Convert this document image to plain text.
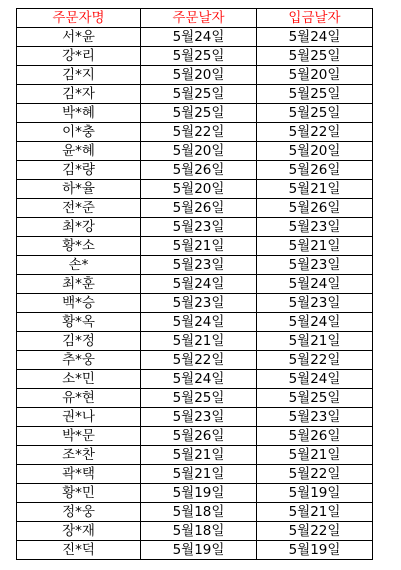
주문자명	주문날자	입금날자
서*윤	5월24일	5월24일
강*리	5월25일	5월25일
김*지	5월20일	5월20일
김*자	5월25일	5월25일
박*혜	5월25일	5월25일
이*충	5월22일	5월22일
윤*혜	5월20일	5월20일
김*량	5월26일	5월26일
하*율	5월20일	5월21일
전*준	5월26일	5월26일
최*강	5월23일	5월23일
황*소	5월21일	5월21일
손*	5월23일	5월23일
최*훈	5월24일	5월24일
백*승	5월23일	5월23일
황*옥	5월24일	5월24일
김*정	5월21일	5월21일
추*웅	5월22일	5월22일
소*민	5월24일	5월24일
유*현	5월25일	5월25일
권*나	5월23일	5월23일
박*문	5월26일	5월26일
조*찬	5월21일	5월21일
곽*택	5월21일	5월22일
황*민	5월19일	5월19일
정*웅	5월18일	5월21일
장*재	5월18일	5월22일
진*덕	5월19일	5월19일
